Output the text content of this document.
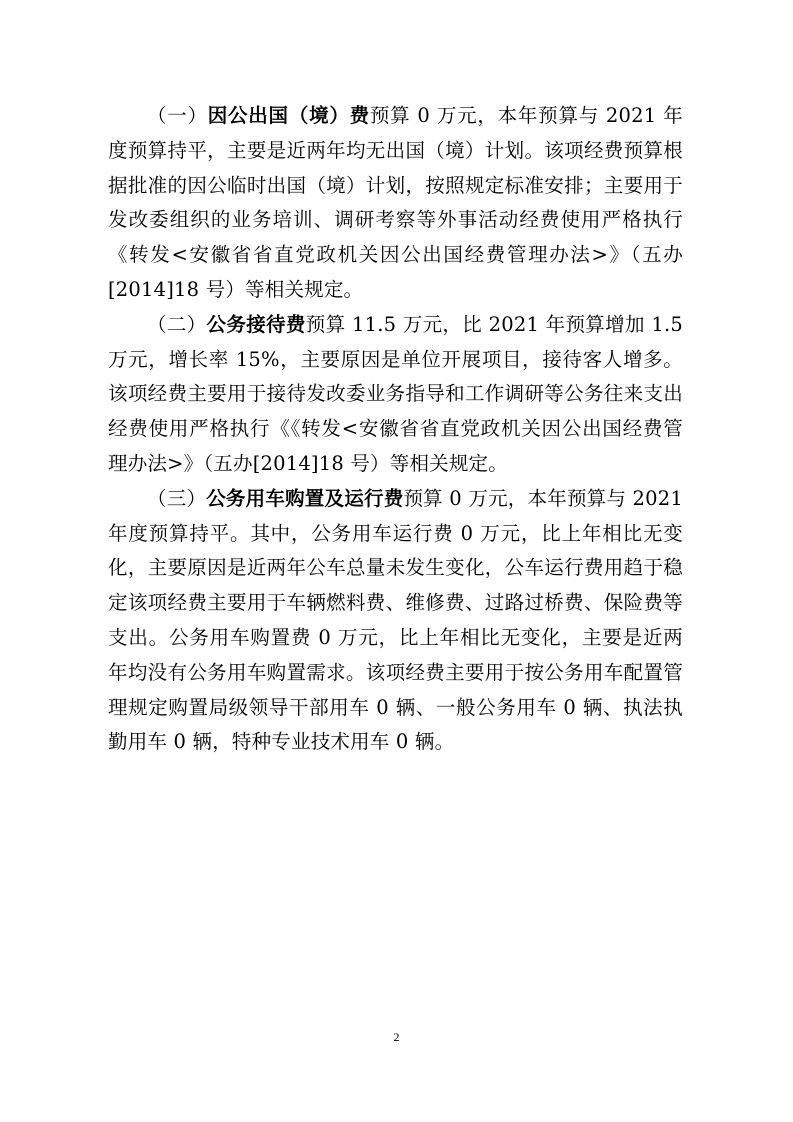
（一）因公出国（境）费预算 0 万元，本年预算与 2021 年度预算持平，主要是近两年均无出国（境）计划。该项经费预算根据批准的因公临时出国（境）计划，按照规定标准安排；主要用于发改委组织的业务培训、调研考察等外事活动经费使用严格执行《转发<安徽省省直党政机关因公出国经费管理办法>》（五办[2014]18 号）等相关规定。

（二）公务接待费预算 11.5 万元，比 2021 年预算增加 1.5 万元，增长率 15%，主要原因是单位开展项目，接待客人增多。该项经费主要用于接待发改委业务指导和工作调研等公务往来支出经费使用严格执行《《转发<安徽省省直党政机关因公出国经费管理办法>》（五办[2014]18 号）等相关规定。

（三）公务用车购置及运行费预算 0 万元，本年预算与 2021 年度预算持平。其中，公务用车运行费 0 万元，比上年相比无变化，主要原因是近两年公车总量未发生变化，公车运行费用趋于稳定该项经费主要用于车辆燃料费、维修费、过路过桥费、保险费等支出。公务用车购置费 0 万元，比上年相比无变化，主要是近两年均没有公务用车购置需求。该项经费主要用于按公务用车配置管理规定购置局级领导干部用车 0 辆、一般公务用车 0 辆、执法执勤用车 0 辆，特种专业技术用车 0 辆。

2
